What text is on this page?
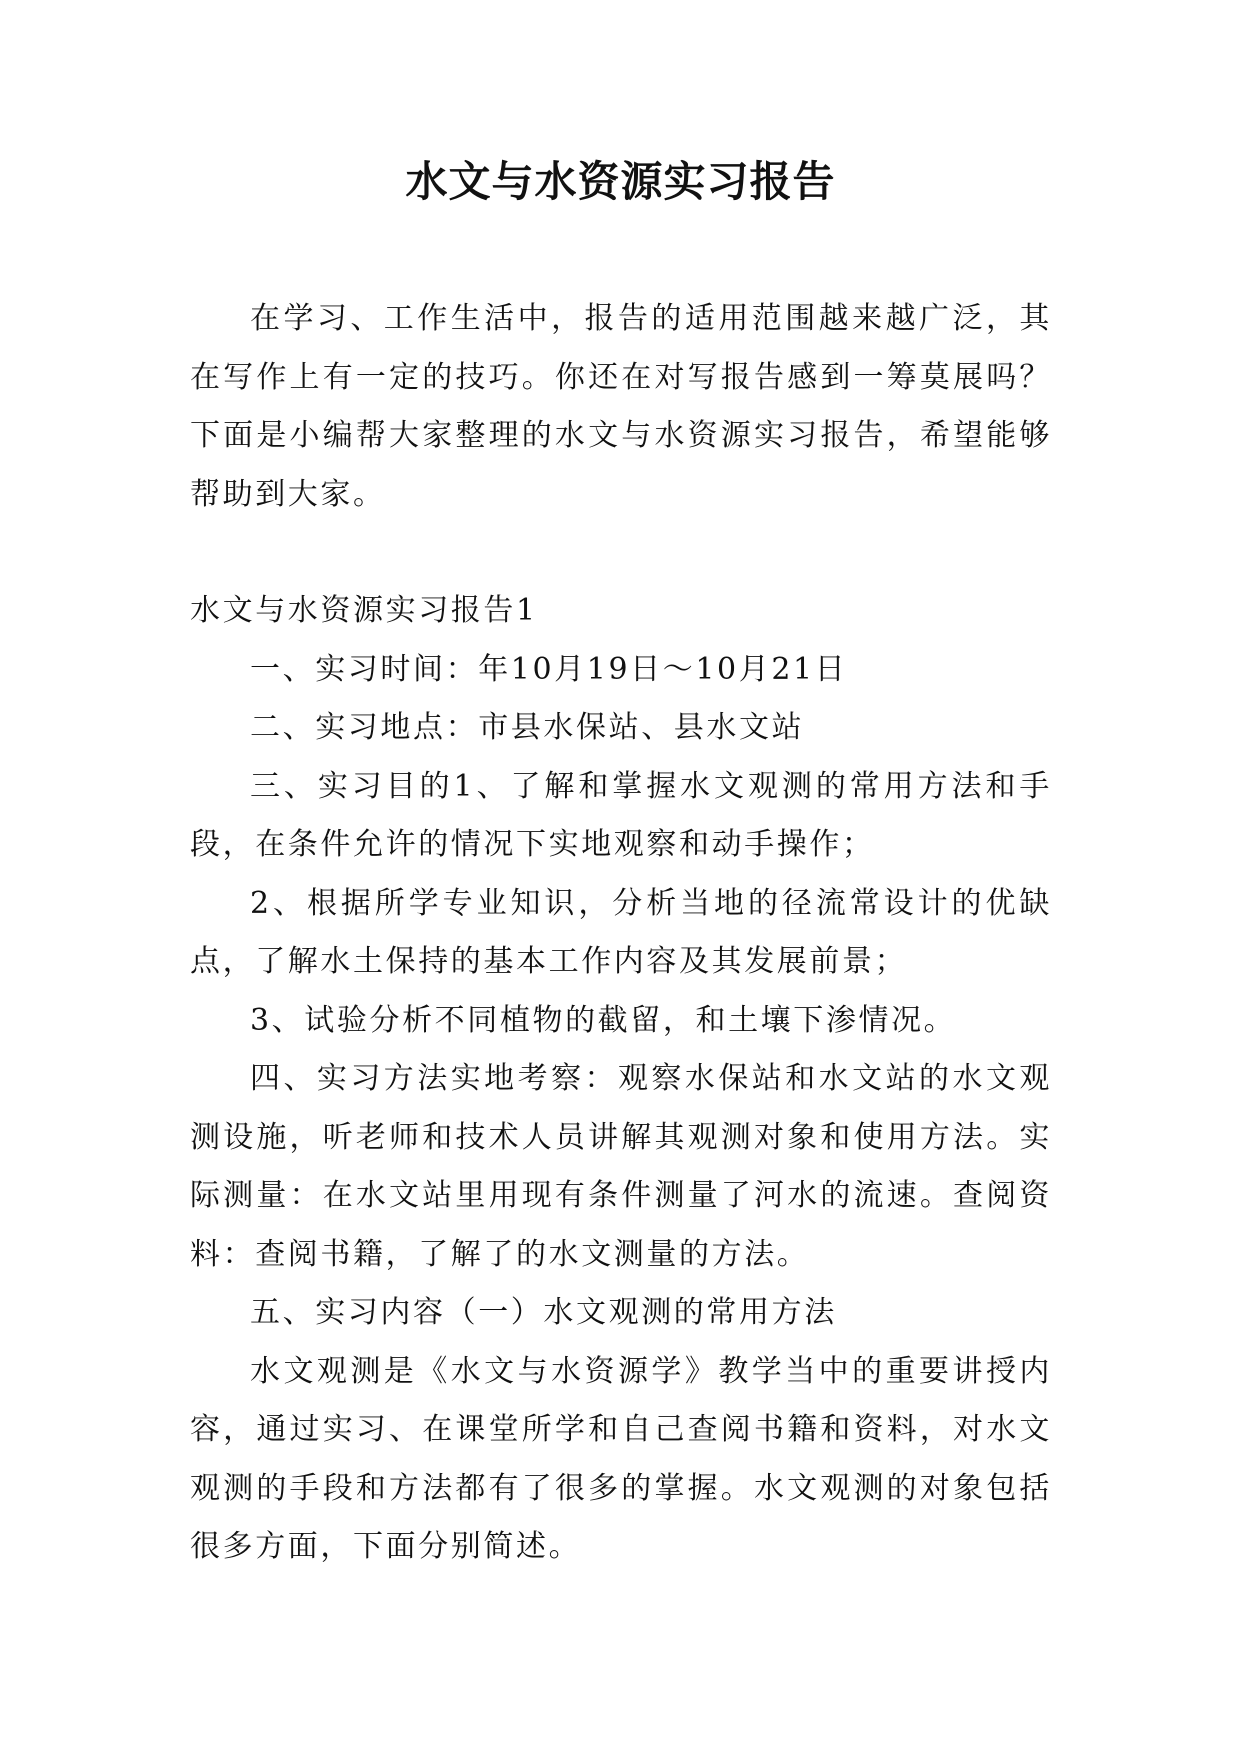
水文与水资源实习报告

在学习、工作生活中，报告的适用范围越来越广泛，其在写作上有一定的技巧。你还在对写报告感到一筹莫展吗？下面是小编帮大家整理的水文与水资源实习报告，希望能够帮助到大家。

水文与水资源实习报告1

一、实习时间：年10月19日～10月21日

二、实习地点：市县水保站、县水文站

三、实习目的1、了解和掌握水文观测的常用方法和手段，在条件允许的情况下实地观察和动手操作；

2、根据所学专业知识，分析当地的径流常设计的优缺点，了解水土保持的基本工作内容及其发展前景；

3、试验分析不同植物的截留，和土壤下渗情况。

四、实习方法实地考察：观察水保站和水文站的水文观测设施，听老师和技术人员讲解其观测对象和使用方法。实际测量：在水文站里用现有条件测量了河水的流速。查阅资料：查阅书籍，了解了的水文测量的方法。

五、实习内容（一）水文观测的常用方法

水文观测是《水文与水资源学》教学当中的重要讲授内容，通过实习、在课堂所学和自己查阅书籍和资料，对水文观测的手段和方法都有了很多的掌握。水文观测的对象包括很多方面，下面分别简述。
